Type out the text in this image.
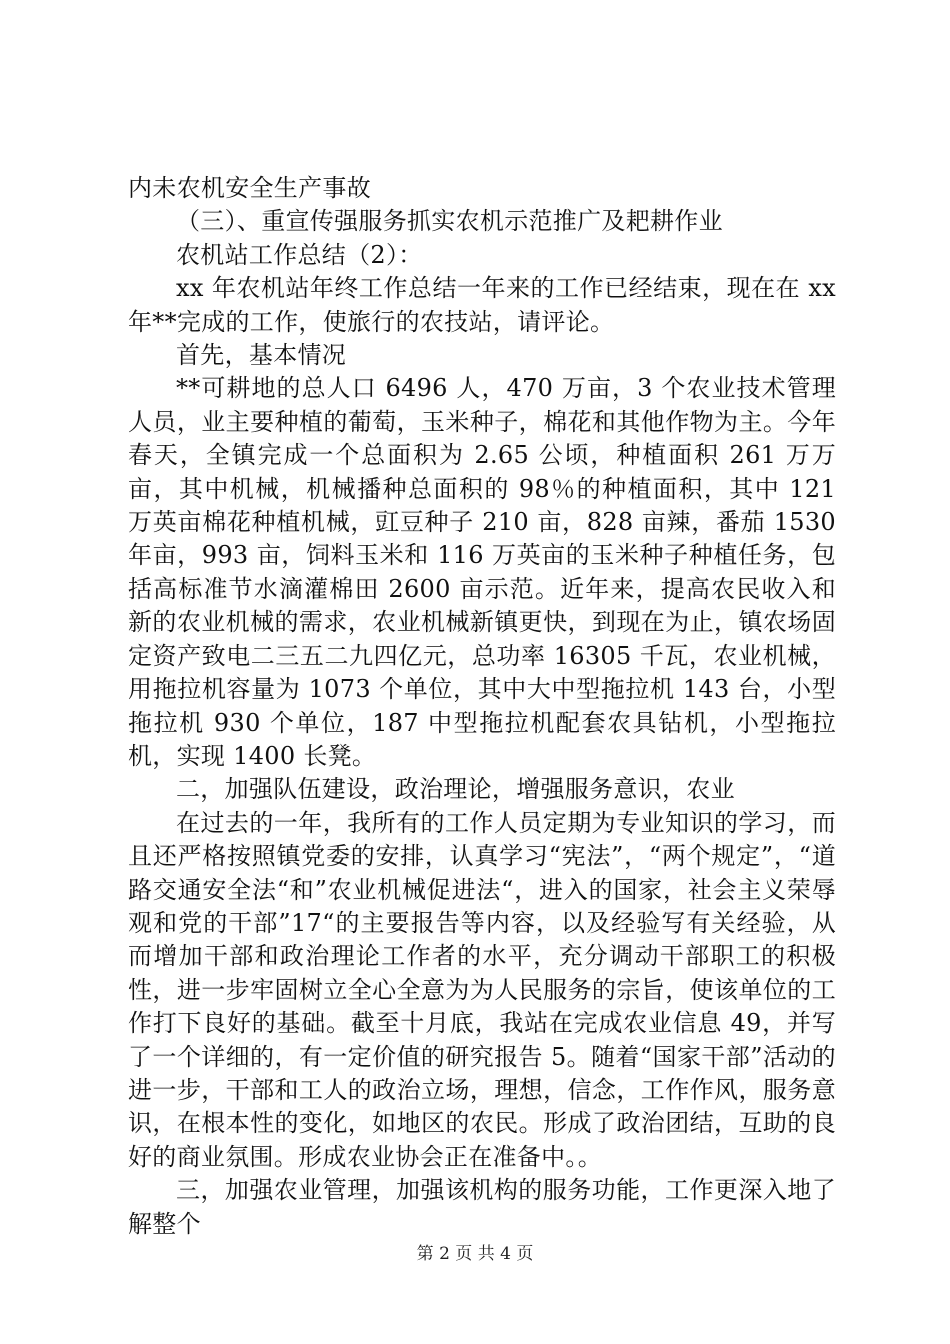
内未农机安全生产事故

（三）、重宣传强服务抓实农机示范推广及耙耕作业

农机站工作总结（2）：

xx 年农机站年终工作总结一年来的工作已经结束，现在在 xx 年**完成的工作，使旅行的农技站，请评论。

首先，基本情况

**可耕地的总人口 6496 人，470 万亩，3 个农业技术管理人员，业主要种植的葡萄，玉米种子，棉花和其他作物为主。今年春天，全镇完成一个总面积为 2.65 公顷，种植面积 261 万万亩，其中机械，机械播种总面积的 98％的种植面积，其中 121 万英亩棉花种植机械，豇豆种子 210 亩，828 亩辣，番茄 1530 年亩，993 亩，饲料玉米和 116 万英亩的玉米种子种植任务，包括高标准节水滴灌棉田 2600 亩示范。近年来，提高农民收入和新的农业机械的需求，农业机械新镇更快，到现在为止，镇农场固定资产致电二三五二九四亿元，总功率 16305 千瓦，农业机械，用拖拉机容量为 1073 个单位，其中大中型拖拉机 143 台，小型拖拉机 930 个单位，187 中型拖拉机配套农具钻机，小型拖拉机，实现 1400 长凳。

二，加强队伍建设，政治理论，增强服务意识，农业

在过去的一年，我所有的工作人员定期为专业知识的学习，而且还严格按照镇党委的安排，认真学习“宪法”，“两个规定”，“道路交通安全法“和”农业机械促进法“，进入的国家，社会主义荣辱观和党的干部”17“的主要报告等内容，以及经验写有关经验，从而增加干部和政治理论工作者的水平，充分调动干部职工的积极性，进一步牢固树立全心全意为为人民服务的宗旨，使该单位的工作打下良好的基础。截至十月底，我站在完成农业信息 49，并写了一个详细的，有一定价值的研究报告 5。随着“国家干部”活动的进一步，干部和工人的政治立场，理想，信念，工作作风，服务意识，在根本性的变化，如地区的农民。形成了政治团结，互助的良好的商业氛围。形成农业协会正在准备中。。

三，加强农业管理，加强该机构的服务功能，工作更深入地了解整个

第 2 页 共 4 页
